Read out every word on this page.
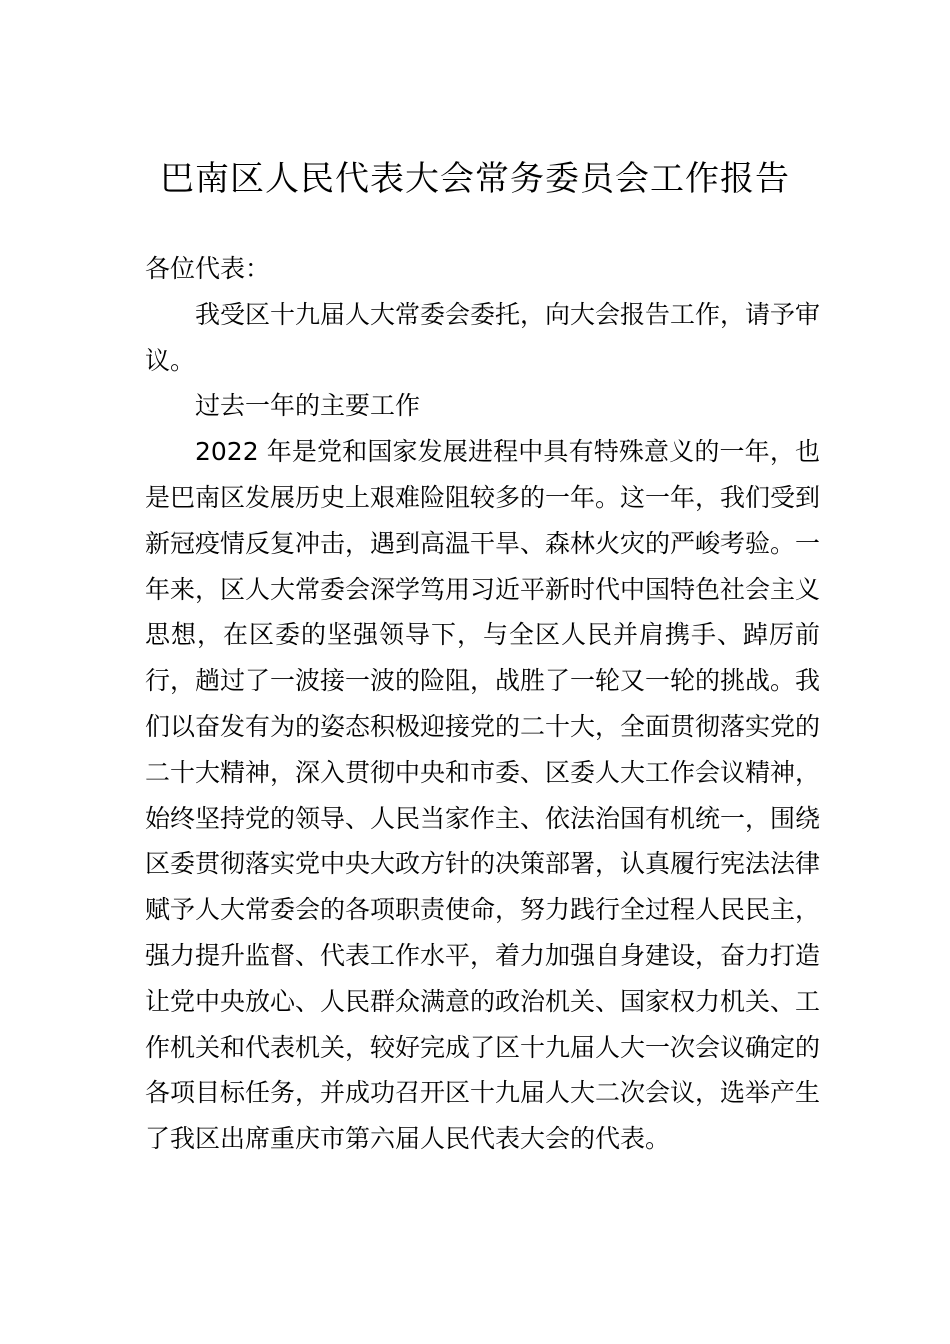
巴南区人民代表大会常务委员会工作报告

各位代表：

我受区十九届人大常委会委托，向大会报告工作，请予审议。

过去一年的主要工作

2022 年是党和国家发展进程中具有特殊意义的一年，也是巴南区发展历史上艰难险阻较多的一年。这一年，我们受到新冠疫情反复冲击，遇到高温干旱、森林火灾的严峻考验。一年来，区人大常委会深学笃用习近平新时代中国特色社会主义思想，在区委的坚强领导下，与全区人民并肩携手、踔厉前行，趟过了一波接一波的险阻，战胜了一轮又一轮的挑战。我们以奋发有为的姿态积极迎接党的二十大，全面贯彻落实党的二十大精神，深入贯彻中央和市委、区委人大工作会议精神，始终坚持党的领导、人民当家作主、依法治国有机统一，围绕区委贯彻落实党中央大政方针的决策部署，认真履行宪法法律赋予人大常委会的各项职责使命，努力践行全过程人民民主，强力提升监督、代表工作水平，着力加强自身建设，奋力打造让党中央放心、人民群众满意的政治机关、国家权力机关、工作机关和代表机关，较好完成了区十九届人大一次会议确定的各项目标任务，并成功召开区十九届人大二次会议，选举产生了我区出席重庆市第六届人民代表大会的代表。
